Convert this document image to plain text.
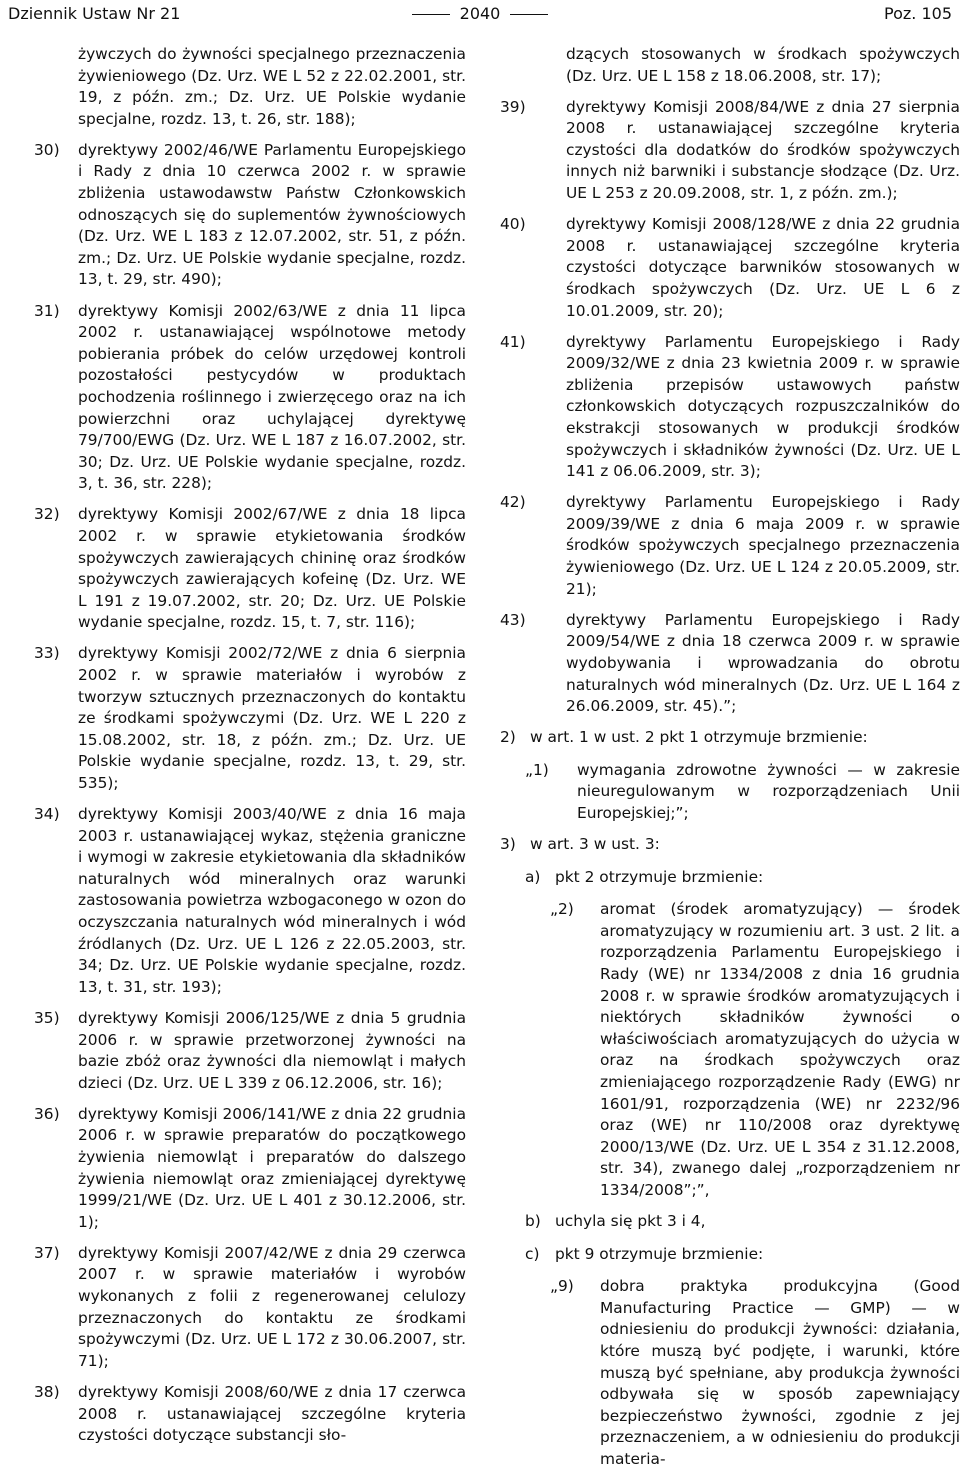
Dziennik Ustaw Nr 21	2040	Poz. 105
żywczych do żywności specjalnego przeznaczenia żywieniowego (Dz. Urz. WE L 52 z 22.02.2001, str. 19, z późn. zm.; Dz. Urz. UE Polskie wydanie specjalne, rozdz. 13, t. 26, str. 188);
30)	dyrektywy 2002/46/WE Parlamentu Europejskiego i Rady z dnia 10 czerwca 2002 r. w sprawie zbliżenia ustawodawstw Państw Członkowskich odnoszących się do suplementów żywnościowych (Dz. Urz. WE L 183 z 12.07.2002, str. 51, z późn. zm.; Dz. Urz. UE Polskie wydanie specjalne, rozdz. 13, t. 29, str. 490);
31)	dyrektywy Komisji 2002/63/WE z dnia 11 lipca 2002 r. ustanawiającej wspólnotowe metody pobierania próbek do celów urzędowej kontroli pozostałości pestycydów w produktach pochodzenia roślinnego i zwierzęcego oraz na ich powierzchni oraz uchylającej dyrektywę 79/700/EWG (Dz. Urz. WE L 187 z 16.07.2002, str. 30; Dz. Urz. UE Polskie wydanie specjalne, rozdz. 3, t. 36, str. 228);
32)	dyrektywy Komisji 2002/67/WE z dnia 18 lipca 2002 r. w sprawie etykietowania środków spożywczych zawierających chininę oraz środków spożywczych zawierających kofeinę (Dz. Urz. WE L 191 z 19.07.2002, str. 20; Dz. Urz. UE Polskie wydanie specjalne, rozdz. 15, t. 7, str. 116);
33)	dyrektywy Komisji 2002/72/WE z dnia 6 sierpnia 2002 r. w sprawie materiałów i wyrobów z tworzyw sztucznych przeznaczonych do kontaktu ze środkami spożywczymi (Dz. Urz. WE L 220 z 15.08.2002, str. 18, z późn. zm.; Dz. Urz. UE Polskie wydanie specjalne, rozdz. 13, t. 29, str. 535);
34)	dyrektywy Komisji 2003/40/WE z dnia 16 maja 2003 r. ustanawiającej wykaz, stężenia graniczne i wymogi w zakresie etykietowania dla składników naturalnych wód mineralnych oraz warunki zastosowania powietrza wzbogaconego w ozon do oczyszczania naturalnych wód mineralnych i wód źródlanych (Dz. Urz. UE L 126 z 22.05.2003, str. 34; Dz. Urz. UE Polskie wydanie specjalne, rozdz. 13, t. 31, str. 193);
35)	dyrektywy Komisji 2006/125/WE z dnia 5 grudnia 2006 r. w sprawie przetworzonej żywności na bazie zbóż oraz żywności dla niemowląt i małych dzieci (Dz. Urz. UE L 339 z 06.12.2006, str. 16);
36)	dyrektywy Komisji 2006/141/WE z dnia 22 grudnia 2006 r. w sprawie preparatów do początkowego żywienia niemowląt i preparatów do dalszego żywienia niemowląt oraz zmieniającej dyrektywę 1999/21/WE (Dz. Urz. UE L 401 z 30.12.2006, str. 1);
37)	dyrektywy Komisji 2007/42/WE z dnia 29 czerwca 2007 r. w sprawie materiałów i wyrobów wykonanych z folii z regenerowanej celulozy przeznaczonych do kontaktu ze środkami spożywczymi (Dz. Urz. UE L 172 z 30.06.2007, str. 71);
38)	dyrektywy Komisji 2008/60/WE z dnia 17 czerwca 2008 r. ustanawiającej szczególne kryteria czystości dotyczące substancji sło-
dzących stosowanych w środkach spożywczych (Dz. Urz. UE L 158 z 18.06.2008, str. 17);
39)	dyrektywy Komisji 2008/84/WE z dnia 27 sierpnia 2008 r. ustanawiającej szczególne kryteria czystości dla dodatków do środków spożywczych innych niż barwniki i substancje słodzące (Dz. Urz. UE L 253 z 20.09.2008, str. 1, z późn. zm.);
40)	dyrektywy Komisji 2008/128/WE z dnia 22 grudnia 2008 r. ustanawiającej szczególne kryteria czystości dotyczące barwników stosowanych w środkach spożywczych (Dz. Urz. UE L 6 z 10.01.2009, str. 20);
41)	dyrektywy Parlamentu Europejskiego i Rady 2009/32/WE z dnia 23 kwietnia 2009 r. w sprawie zbliżenia przepisów ustawowych państw członkowskich dotyczących rozpuszczalników do ekstrakcji stosowanych w produkcji środków spożywczych i składników żywności (Dz. Urz. UE L 141 z 06.06.2009, str. 3);
42)	dyrektywy Parlamentu Europejskiego i Rady 2009/39/WE z dnia 6 maja 2009 r. w sprawie środków spożywczych specjalnego przeznaczenia żywieniowego (Dz. Urz. UE L 124 z 20.05.2009, str. 21);
43)	dyrektywy Parlamentu Europejskiego i Rady 2009/54/WE z dnia 18 czerwca 2009 r. w sprawie wydobywania i wprowadzania do obrotu naturalnych wód mineralnych (Dz. Urz. UE L 164 z 26.06.2009, str. 45).”;
2) w art. 1 w ust. 2 pkt 1 otrzymuje brzmienie:
„1)	wymagania zdrowotne żywności — w zakresie nieuregulowanym w rozporządzeniach Unii Europejskiej;”;
3) w art. 3 w ust. 3:
a) pkt 2 otrzymuje brzmienie:
„2)	aromat (środek aromatyzujący) — środek aromatyzujący w rozumieniu art. 3 ust. 2 lit. a rozporządzenia Parlamentu Europejskiego i Rady (WE) nr 1334/2008 z dnia 16 grudnia 2008 r. w sprawie środków aromatyzujących i niektórych składników żywności o właściwościach aromatyzujących do użycia w oraz na środkach spożywczych oraz zmieniającego rozporządzenie Rady (EWG) nr 1601/91, rozporządzenia (WE) nr 2232/96 oraz (WE) nr 110/2008 oraz dyrektywę 2000/13/WE (Dz. Urz. UE L 354 z 31.12.2008, str. 34), zwanego dalej „rozporządzeniem nr 1334/2008”;”,
b) uchyla się pkt 3 i 4,
c)	pkt 9 otrzymuje brzmienie:
„9)	dobra praktyka produkcyjna (Good Manufacturing Practice — GMP) — w odniesieniu do produkcji żywności: działania, które muszą być podjęte, i warunki, które muszą być spełniane, aby produkcja żywności odbywała się w sposób zapewniający bezpieczeństwo żywności, zgodnie z jej przeznaczeniem, a w odniesieniu do produkcji materia-
